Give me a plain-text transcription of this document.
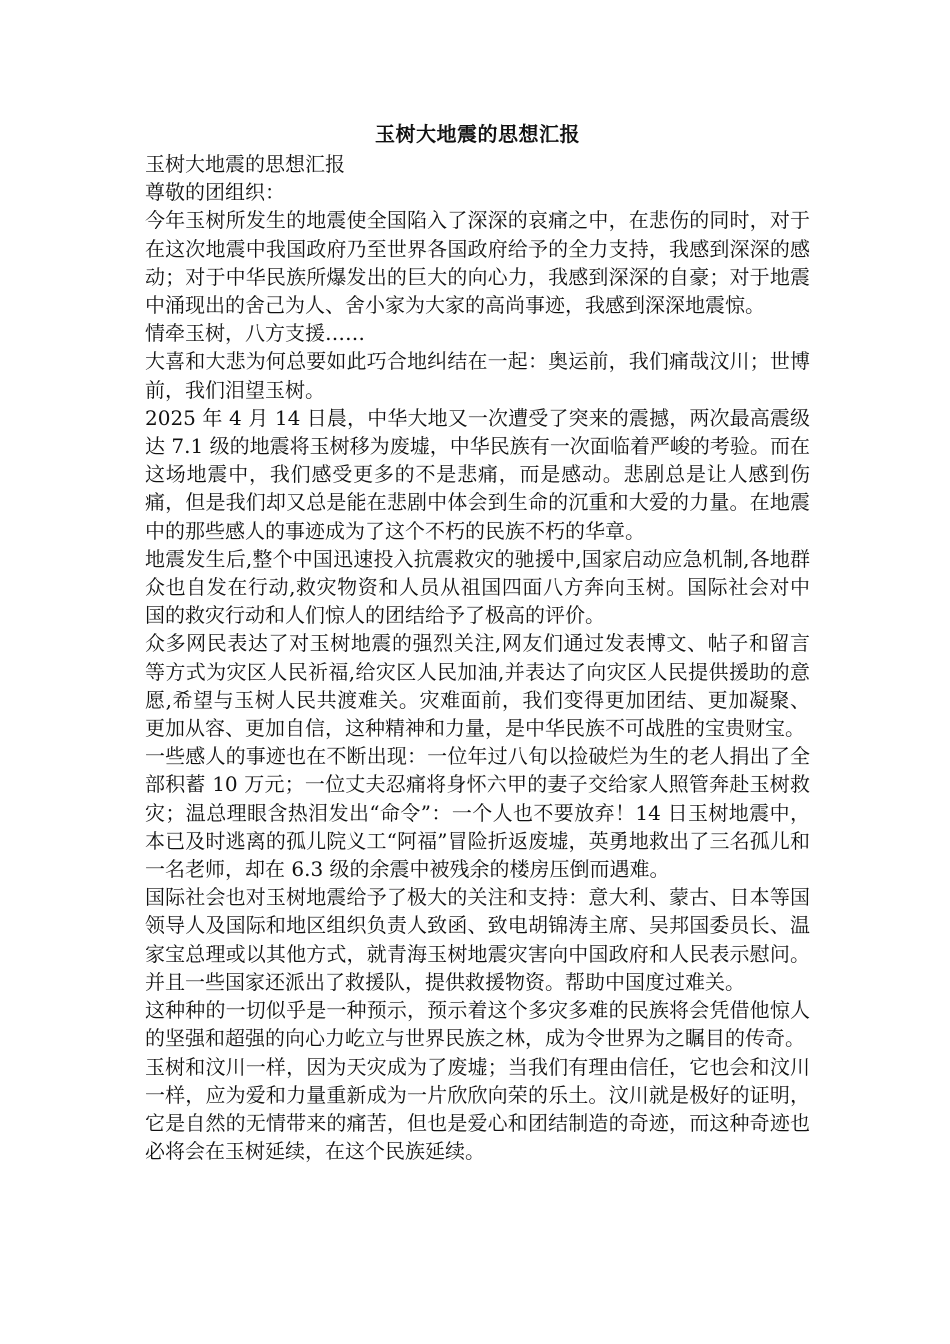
玉树大地震的思想汇报

玉树大地震的思想汇报

尊敬的团组织：

今年玉树所发生的地震使全国陷入了深深的哀痛之中，在悲伤的同时，对于在这次地震中我国政府乃至世界各国政府给予的全力支持，我感到深深的感动；对于中华民族所爆发出的巨大的向心力，我感到深深的自豪；对于地震中涌现出的舍己为人、舍小家为大家的高尚事迹，我感到深深地震惊。

情牵玉树，八方支援……

大喜和大悲为何总要如此巧合地纠结在一起：奥运前，我们痛哉汶川；世博前，我们泪望玉树。

2025 年 4 月 14 日晨，中华大地又一次遭受了突来的震撼，两次最高震级达 7.1 级的地震将玉树移为废墟，中华民族有一次面临着严峻的考验。而在这场地震中，我们感受更多的不是悲痛，而是感动。悲剧总是让人感到伤痛，但是我们却又总是能在悲剧中体会到生命的沉重和大爱的力量。在地震中的那些感人的事迹成为了这个不朽的民族不朽的华章。

地震发生后,整个中国迅速投入抗震救灾的驰援中,国家启动应急机制,各地群众也自发在行动,救灾物资和人员从祖国四面八方奔向玉树。国际社会对中国的救灾行动和人们惊人的团结给予了极高的评价。

众多网民表达了对玉树地震的强烈关注,网友们通过发表博文、帖子和留言等方式为灾区人民祈福,给灾区人民加油,并表达了向灾区人民提供援助的意愿,希望与玉树人民共渡难关。灾难面前，我们变得更加团结、更加凝聚、更加从容、更加自信，这种精神和力量，是中华民族不可战胜的宝贵财宝。

一些感人的事迹也在不断出现：一位年过八旬以捡破烂为生的老人捐出了全部积蓄 10 万元；一位丈夫忍痛将身怀六甲的妻子交给家人照管奔赴玉树救灾；温总理眼含热泪发出“命令”：一个人也不要放弃！14 日玉树地震中，本已及时逃离的孤儿院义工“阿福”冒险折返废墟，英勇地救出了三名孤儿和一名老师，却在 6.3 级的余震中被残余的楼房压倒而遇难。

国际社会也对玉树地震给予了极大的关注和支持：意大利、蒙古、日本等国领导人及国际和地区组织负责人致函、致电胡锦涛主席、吴邦国委员长、温家宝总理或以其他方式，就青海玉树地震灾害向中国政府和人民表示慰问。并且一些国家还派出了救援队，提供救援物资。帮助中国度过难关。

这种种的一切似乎是一种预示，预示着这个多灾多难的民族将会凭借他惊人的坚强和超强的向心力屹立与世界民族之林，成为令世界为之瞩目的传奇。

玉树和汶川一样，因为天灾成为了废墟；当我们有理由信任，它也会和汶川一样，应为爱和力量重新成为一片欣欣向荣的乐土。汶川就是极好的证明，它是自然的无情带来的痛苦，但也是爱心和团结制造的奇迹，而这种奇迹也必将会在玉树延续，在这个民族延续。
